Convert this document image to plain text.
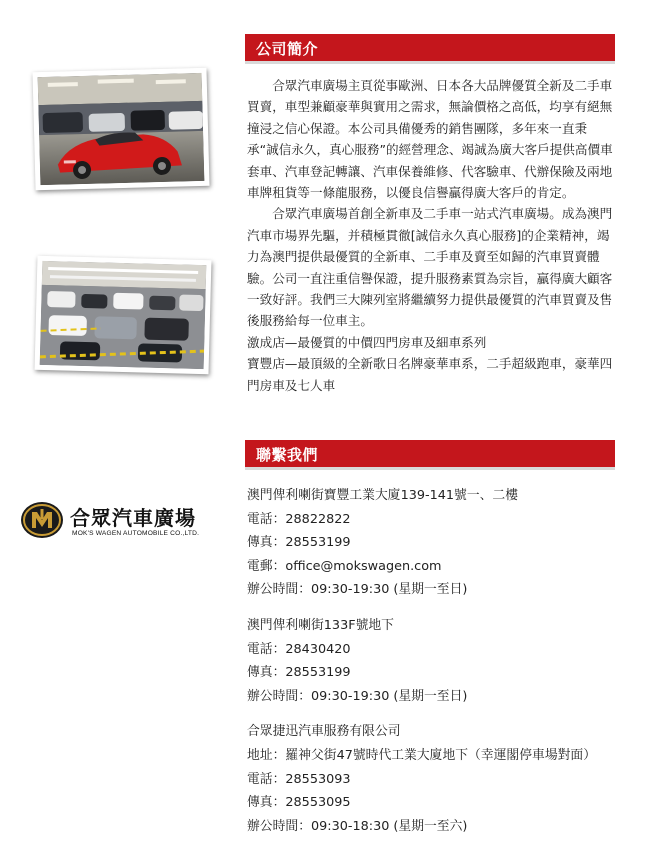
公司簡介

合眾汽車廣場主頁從事歐洲、日本各大品牌優質全新及二手車買賣，車型兼顧豪華與實用之需求，無論價格之高低，均享有絕無撞浸之信心保證。本公司具備優秀的銷售團隊，多年來一直秉承“誠信永久，真心服務”的經營理念、竭誠為廣大客戶提供高價車套車、汽車登記轉讓、汽車保養維修、代客驗車、代辦保險及兩地車牌租貨等一條龍服務，以優良信譽贏得廣大客戶的肯定。

合眾汽車廣場首創全新車及二手車一站式汽車廣場。成為澳門汽車市場界先驅，并積極貫徹[誠信永久真心服務]的企業精神，竭力為澳門提供最優質的全新車、二手車及賣至如歸的汽車買賣體驗。公司一直注重信譽保證，提升服務素質為宗旨，贏得廣大顧客一致好評。我們三大陳列室將繼續努力提供最優質的汽車買賣及售後服務給每一位車主。

激成店—最優質的中價四門房車及細車系列

寶豐店—最頂級的全新歌日名牌豪華車系，二手超級跑車，豪華四門房車及七人車

聯繫我們
合眾汽車廣場
MOK'S WAGEN AUTOMOBILE CO.,LTD.
澳門俾利喇街寶豐工業大廈139-141號一、二樓
電話：28822822
傳真：28553199
電郵：office@mokswagen.com
辦公時間：09:30-19:30 (星期一至日)
澳門俾利喇街133F號地下
電話：28430420
傳真：28553199
辦公時間：09:30-19:30 (星期一至日)
合眾捷迅汽車服務有限公司
地址：羅神父街47號時代工業大廈地下（幸運閣停車場對面）
電話：28553093
傳真：28553095
辦公時間：09:30-18:30 (星期一至六)
